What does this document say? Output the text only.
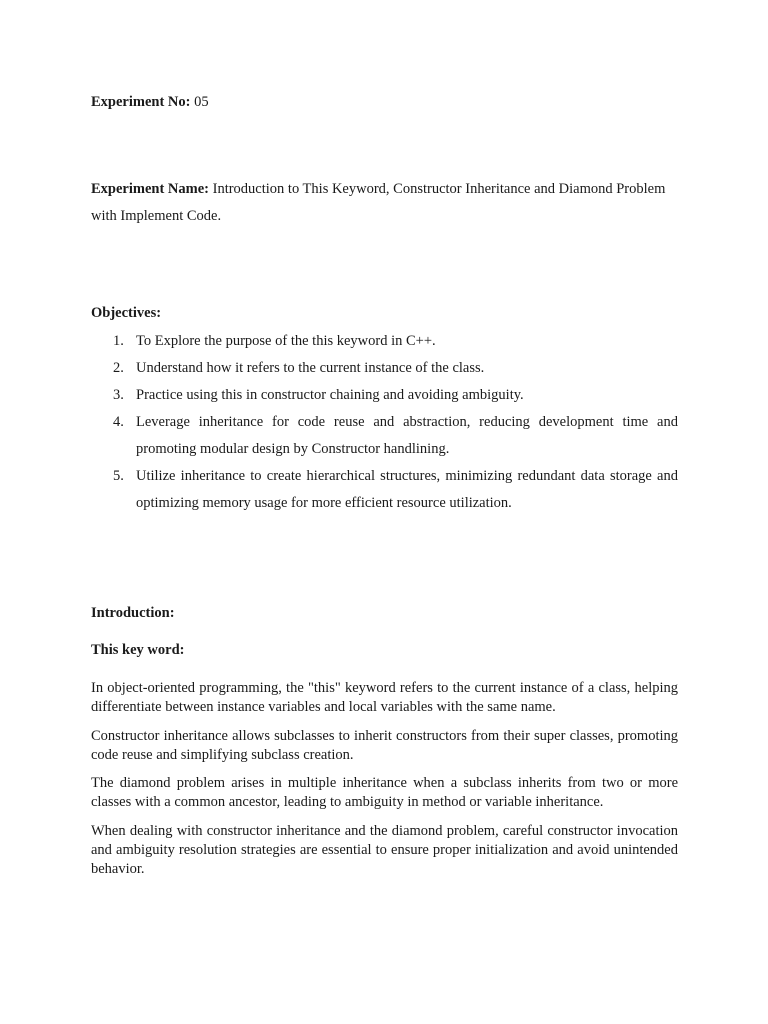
Experiment No: 05
Experiment Name: Introduction to This Keyword, Constructor Inheritance and Diamond Problem with Implement Code.
Objectives:
1. To Explore the purpose of the this keyword in C++.
2. Understand how it refers to the current instance of the class.
3. Practice using this in constructor chaining and avoiding ambiguity.
4. Leverage inheritance for code reuse and abstraction, reducing development time and promoting modular design by Constructor handlining.
5. Utilize inheritance to create hierarchical structures, minimizing redundant data storage and optimizing memory usage for more efficient resource utilization.
Introduction:
This key word:

In object-oriented programming, the "this" keyword refers to the current instance of a class, helping differentiate between instance variables and local variables with the same name.

Constructor inheritance allows subclasses to inherit constructors from their super classes, promoting code reuse and simplifying subclass creation.

The diamond problem arises in multiple inheritance when a subclass inherits from two or more classes with a common ancestor, leading to ambiguity in method or variable inheritance.

When dealing with constructor inheritance and the diamond problem, careful constructor invocation and ambiguity resolution strategies are essential to ensure proper initialization and avoid unintended behavior.
